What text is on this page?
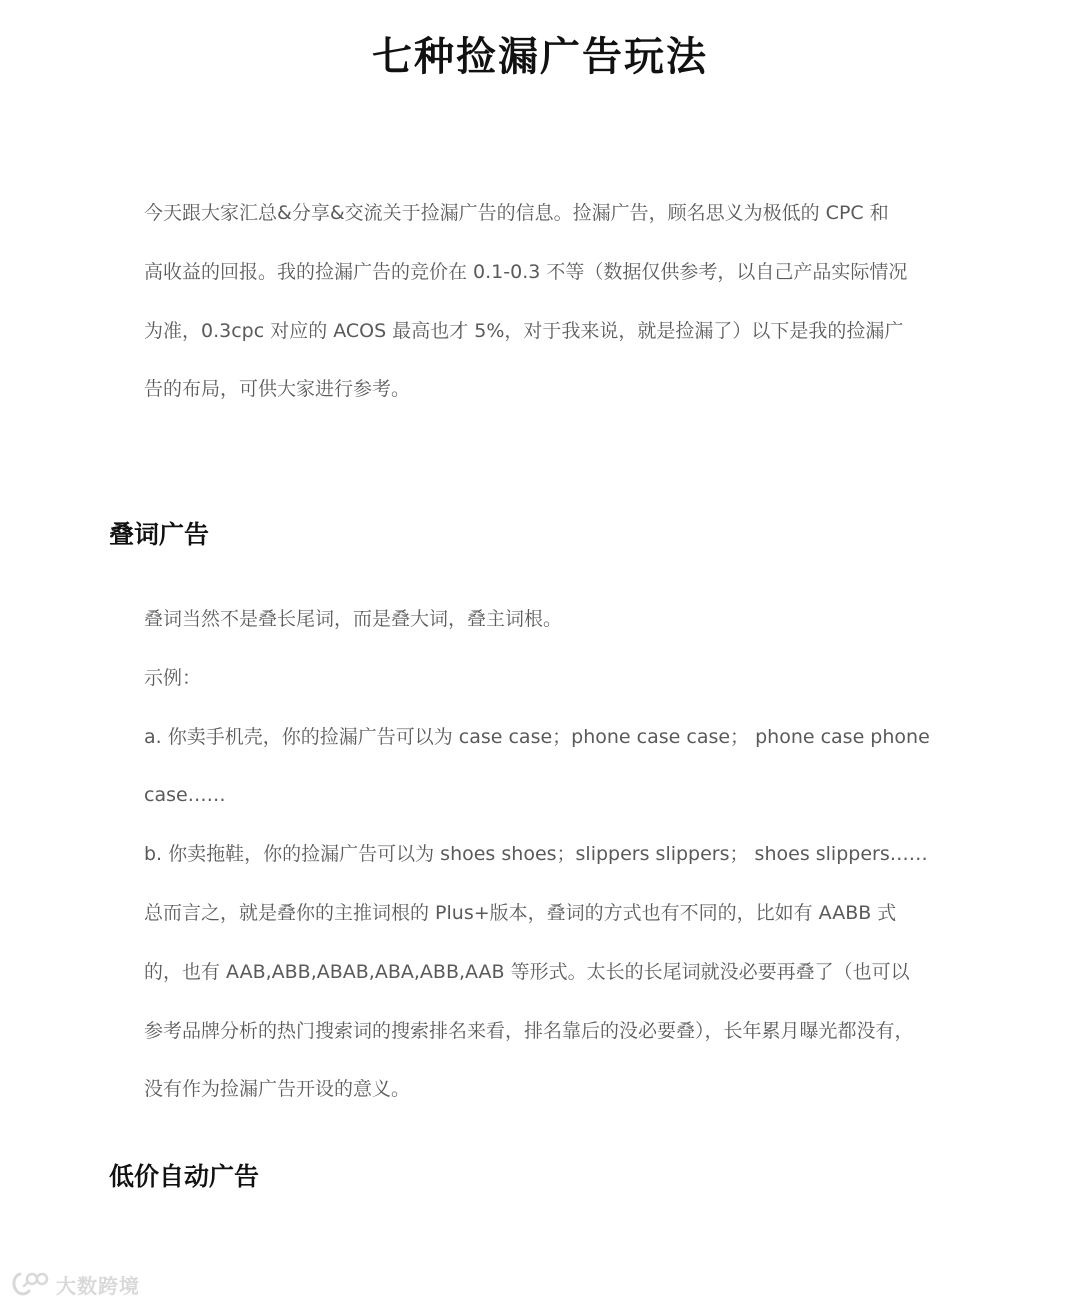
七种捡漏广告玩法

今天跟大家汇总&分享&交流关于捡漏广告的信息。捡漏广告，顾名思义为极低的 CPC 和

高收益的回报。我的捡漏广告的竞价在 0.1-0.3 不等（数据仅供参考，以自己产品实际情况

为准，0.3cpc 对应的 ACOS 最高也才 5%，对于我来说，就是捡漏了）以下是我的捡漏广

告的布局，可供大家进行参考。

叠词广告

叠词当然不是叠长尾词，而是叠大词，叠主词根。

示例：

a. 你卖手机壳，你的捡漏广告可以为 case case；phone case case； phone case phone

case……

b. 你卖拖鞋，你的捡漏广告可以为 shoes shoes；slippers slippers； shoes slippers……

总而言之，就是叠你的主推词根的 Plus+版本，叠词的方式也有不同的，比如有 AABB 式

的，也有 AAB,ABB,ABAB,ABA,ABB,AAB 等形式。太长的长尾词就没必要再叠了（也可以

参考品牌分析的热门搜索词的搜索排名来看，排名靠后的没必要叠），长年累月曝光都没有，

没有作为捡漏广告开设的意义。

低价自动广告
大数跨境
